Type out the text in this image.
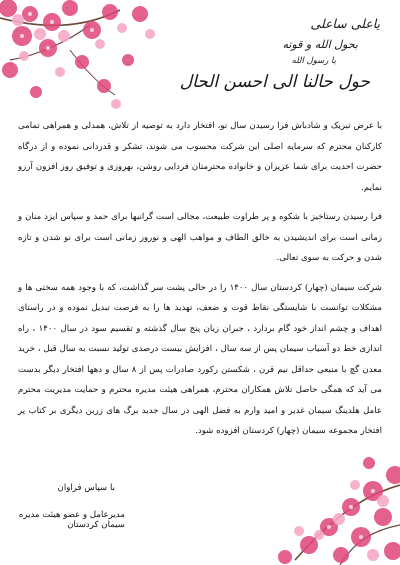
یاعلی ساعلی
بحول الله و قوته
یا رسول الله
حول حالنا الی احسن الحال

با عرض تبریک و شادباش فرا رسیدن سال نو، افتخار دارد به توصیه از تلاش، همدلی و همراهی تمامی کارکنان محترم که سرمایه اصلی این شرکت محسوب می شوند، تشکر و قدردانی نموده و از درگاه حضرت احدیت برای شما عزیزان و خانواده محترمتان فردایی روشن، بهروزی و توفیق روز افزون آرزو نمایم.

فرا رسیدن رستاخیز با شکوه و پر طراوت طبیعت، مجالی است گرانبها برای حمد و سپاس ایزد منان و زمانی است برای اندیشیدن به خالق الطاف و مواهب الهی و نوروز زمانی است برای نو شدن و تازه شدن و حرکت به سوی تعالی.

شرکت سیمان (چهار) کردستان سال ۱۴۰۰ را در حالی پشت سر گذاشت، که با وجود همه سختی ها و مشکلات توانست با شایستگی نقاط قوت و ضعف، تهدید ها را به فرصت تبدیل نموده و در راستای اهداف و چشم انداز خود گام بردارد ، جبران زیان پنج سال گذشته و تقسیم سود در سال ۱۴۰۰ ، راه اندازی خط دو آسیاب سیمان پس از سه سال ، افزایش بیست درصدی تولید نسبت به سال قبل ، خرید معدن گچ با منبعی حداقل نیم قرن ، شکستن رکورد صادرات پس از ۸ سال و دهها افتخار دیگر بدست می آید که همگی حاصل تلاش همکاران محترم، همراهی هیئت مدیره محترم و حمایت مدیریت محترم عامل هلدینگ سیمان غدیر و امید وارم به فضل الهی در سال جدید برگ های زرین دیگری بر کتاب پر افتخار مجموعه سیمان (چهار) کردستان افزوده شود.

با سپاس فراوان
مدیرعامل و عضو هیئت مدیره سیمان کردستان
